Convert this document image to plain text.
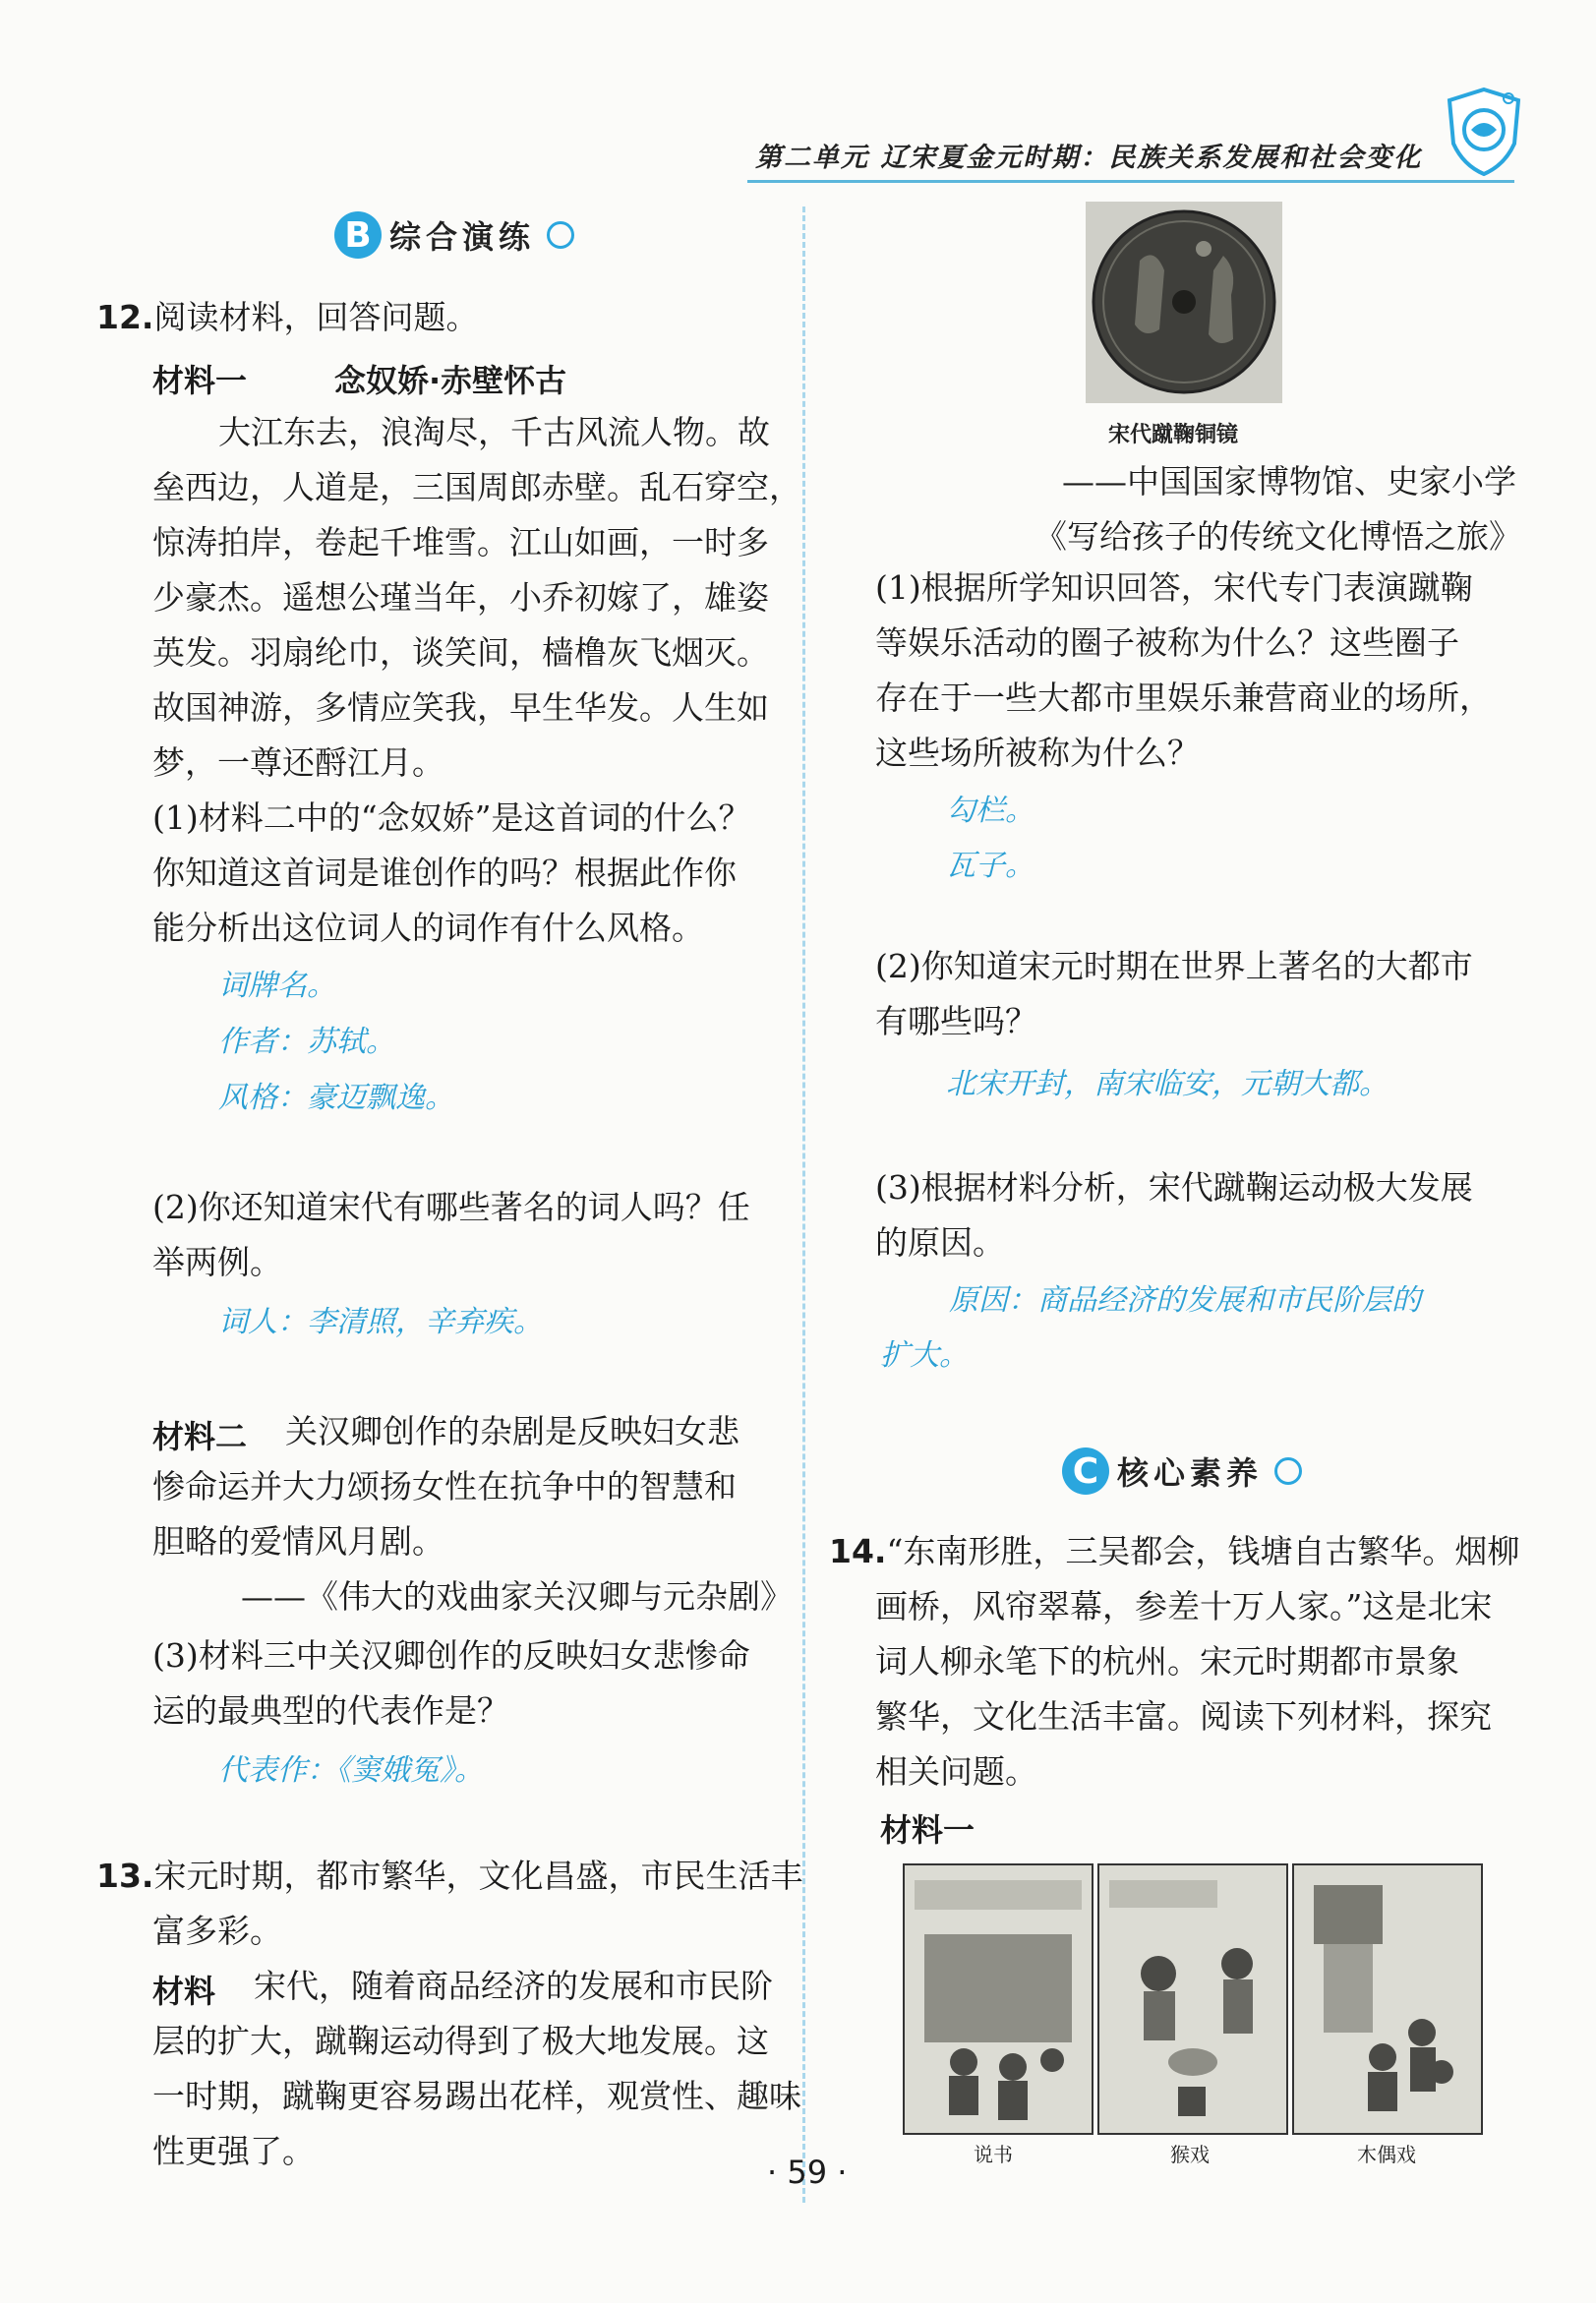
第二单元 辽宋夏金元时期：民族关系发展和社会变化
B 综合演练
12.阅读材料，回答问题。
材料一	念奴娇·赤壁怀古
大江东去，浪淘尽，千古风流人物。故
垒西边，人道是，三国周郎赤壁。乱石穿空，
惊涛拍岸，卷起千堆雪。江山如画，一时多
少豪杰。遥想公瑾当年，小乔初嫁了，雄姿
英发。羽扇纶巾，谈笑间，樯橹灰飞烟灭。
故国神游，多情应笑我，早生华发。人生如
梦，一尊还酹江月。
(1)材料二中的“念奴娇”是这首词的什么？
你知道这首词是谁创作的吗？根据此作你
能分析出这位词人的词作有什么风格。
词牌名。
作者：苏轼。
风格：豪迈飘逸。
(2)你还知道宋代有哪些著名的词人吗？任
举两例。
词人：李清照，辛弃疾。
材料二 关汉卿创作的杂剧是反映妇女悲
惨命运并大力颂扬女性在抗争中的智慧和
胆略的爱情风月剧。
——《伟大的戏曲家关汉卿与元杂剧》
(3)材料三中关汉卿创作的反映妇女悲惨命
运的最典型的代表作是？
代表作：《窦娥冤》。
13.宋元时期，都市繁华，文化昌盛，市民生活丰
富多彩。
材料 宋代，随着商品经济的发展和市民阶
层的扩大，蹴鞠运动得到了极大地发展。这
一时期，蹴鞠更容易踢出花样，观赏性、趣味
性更强了。
宋代蹴鞠铜镜
——中国国家博物馆、史家小学
《写给孩子的传统文化博悟之旅》
(1)根据所学知识回答，宋代专门表演蹴鞠
等娱乐活动的圈子被称为什么？这些圈子
存在于一些大都市里娱乐兼营商业的场所，
这些场所被称为什么？
勾栏。
瓦子。
(2)你知道宋元时期在世界上著名的大都市
有哪些吗？
北宋开封，南宋临安，元朝大都。
(3)根据材料分析，宋代蹴鞠运动极大发展
的原因。
原因：商品经济的发展和市民阶层的
扩大。
C 核心素养
14.“东南形胜，三吴都会，钱塘自古繁华。烟柳
画桥，风帘翠幕，参差十万人家。”这是北宋
词人柳永笔下的杭州。宋元时期都市景象
繁华，文化生活丰富。阅读下列材料，探究
相关问题。
材料一
说书	猴戏	木偶戏
· 59 ·
